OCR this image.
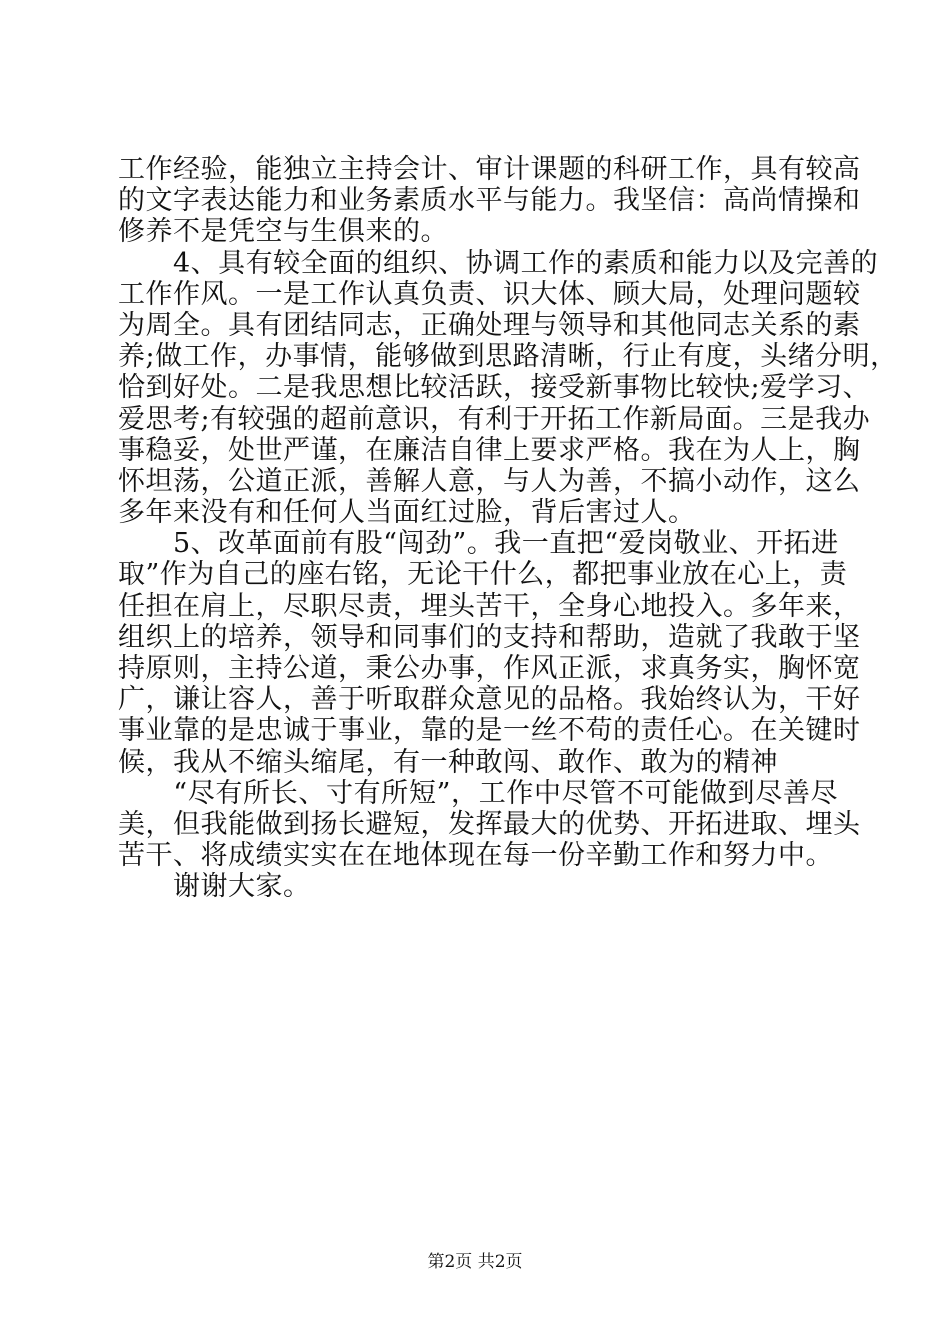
工作经验，能独立主持会计、审计课题的科研工作，具有较高
的文字表达能力和业务素质水平与能力。我坚信：高尚情操和
修养不是凭空与生俱来的。
　　4、具有较全面的组织、协调工作的素质和能力以及完善的
工作作风。一是工作认真负责、识大体、顾大局，处理问题较
为周全。具有团结同志，正确处理与领导和其他同志关系的素
养;做工作，办事情，能够做到思路清晰，行止有度，头绪分明，
恰到好处。二是我思想比较活跃，接受新事物比较快;爱学习、
爱思考;有较强的超前意识，有利于开拓工作新局面。三是我办
事稳妥，处世严谨，在廉洁自律上要求严格。我在为人上，胸
怀坦荡，公道正派，善解人意，与人为善，不搞小动作，这么
多年来没有和任何人当面红过脸，背后害过人。
　　5、改革面前有股“闯劲”。我一直把“爱岗敬业、开拓进
取”作为自己的座右铭，无论干什么，都把事业放在心上，责
任担在肩上，尽职尽责，埋头苦干，全身心地投入。多年来，
组织上的培养，领导和同事们的支持和帮助，造就了我敢于坚
持原则，主持公道，秉公办事，作风正派，求真务实，胸怀宽
广，谦让容人，善于听取群众意见的品格。我始终认为，干好
事业靠的是忠诚于事业，靠的是一丝不苟的责任心。在关键时
候，我从不缩头缩尾，有一种敢闯、敢作、敢为的精神
　　“尽有所长、寸有所短”，工作中尽管不可能做到尽善尽
美，但我能做到扬长避短，发挥最大的优势、开拓进取、埋头
苦干、将成绩实实在在地体现在每一份辛勤工作和努力中。
　　谢谢大家。
第2页 共2页
